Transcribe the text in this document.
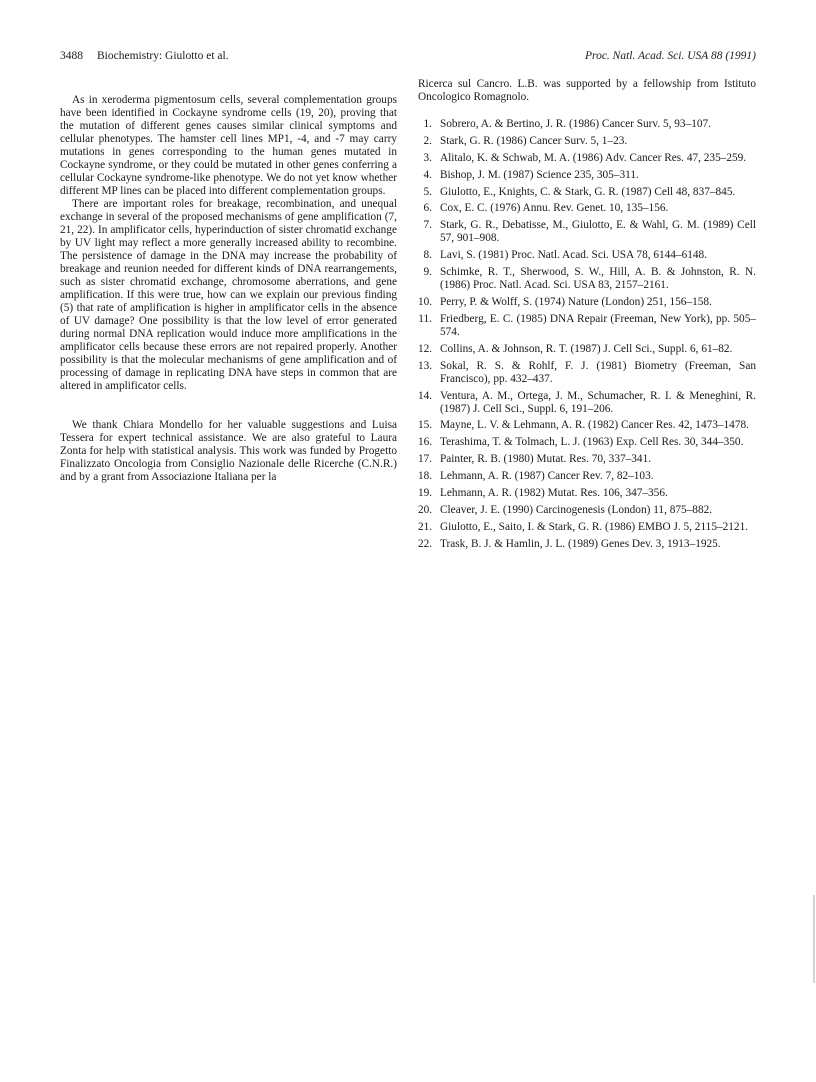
3488 Biochemistry: Giulotto et al.	Proc. Natl. Acad. Sci. USA 88 (1991)

As in xeroderma pigmentosum cells, several complementation groups have been identified in Cockayne syndrome cells (19, 20), proving that the mutation of different genes causes similar clinical symptoms and cellular phenotypes. The hamster cell lines MP1, -4, and -7 may carry mutations in genes corresponding to the human genes mutated in Cockayne syndrome, or they could be mutated in other genes conferring a cellular Cockayne syndrome-like phenotype. We do not yet know whether different MP lines can be placed into different complementation groups.

There are important roles for breakage, recombination, and unequal exchange in several of the proposed mechanisms of gene amplification (7, 21, 22). In amplificator cells, hyperinduction of sister chromatid exchange by UV light may reflect a more generally increased ability to recombine. The persistence of damage in the DNA may increase the probability of breakage and reunion needed for different kinds of DNA rearrangements, such as sister chromatid exchange, chromosome aberrations, and gene amplification. If this were true, how can we explain our previous finding (5) that rate of amplification is higher in amplificator cells in the absence of UV damage? One possibility is that the low level of error generated during normal DNA replication would induce more amplifications in the amplificator cells because these errors are not repaired properly. Another possibility is that the molecular mechanisms of gene amplification and of processing of damage in replicating DNA have steps in common that are altered in amplificator cells.

We thank Chiara Mondello for her valuable suggestions and Luisa Tessera for expert technical assistance. We are also grateful to Laura Zonta for help with statistical analysis. This work was funded by Progetto Finalizzato Oncologia from Consiglio Nazionale delle Ricerche (C.N.R.) and by a grant from Associazione Italiana per la

Ricerca sul Cancro. L.B. was supported by a fellowship from Istituto Oncologico Romagnolo.

1. Sobrero, A. & Bertino, J. R. (1986) Cancer Surv. 5, 93–107.
2. Stark, G. R. (1986) Cancer Surv. 5, 1–23.
3. Alitalo, K. & Schwab, M. A. (1986) Adv. Cancer Res. 47, 235–259.
4. Bishop, J. M. (1987) Science 235, 305–311.
5. Giulotto, E., Knights, C. & Stark, G. R. (1987) Cell 48, 837–845.
6. Cox, E. C. (1976) Annu. Rev. Genet. 10, 135–156.
7. Stark, G. R., Debatisse, M., Giulotto, E. & Wahl, G. M. (1989) Cell 57, 901–908.
8. Lavi, S. (1981) Proc. Natl. Acad. Sci. USA 78, 6144–6148.
9. Schimke, R. T., Sherwood, S. W., Hill, A. B. & Johnston, R. N. (1986) Proc. Natl. Acad. Sci. USA 83, 2157–2161.
10. Perry, P. & Wolff, S. (1974) Nature (London) 251, 156–158.
11. Friedberg, E. C. (1985) DNA Repair (Freeman, New York), pp. 505–574.
12. Collins, A. & Johnson, R. T. (1987) J. Cell Sci., Suppl. 6, 61–82.
13. Sokal, R. S. & Rohlf, F. J. (1981) Biometry (Freeman, San Francisco), pp. 432–437.
14. Ventura, A. M., Ortega, J. M., Schumacher, R. I. & Meneghini, R. (1987) J. Cell Sci., Suppl. 6, 191–206.
15. Mayne, L. V. & Lehmann, A. R. (1982) Cancer Res. 42, 1473–1478.
16. Terashima, T. & Tolmach, L. J. (1963) Exp. Cell Res. 30, 344–350.
17. Painter, R. B. (1980) Mutat. Res. 70, 337–341.
18. Lehmann, A. R. (1987) Cancer Rev. 7, 82–103.
19. Lehmann, A. R. (1982) Mutat. Res. 106, 347–356.
20. Cleaver, J. E. (1990) Carcinogenesis (London) 11, 875–882.
21. Giulotto, E., Saito, I. & Stark, G. R. (1986) EMBO J. 5, 2115–2121.
22. Trask, B. J. & Hamlin, J. L. (1989) Genes Dev. 3, 1913–1925.
